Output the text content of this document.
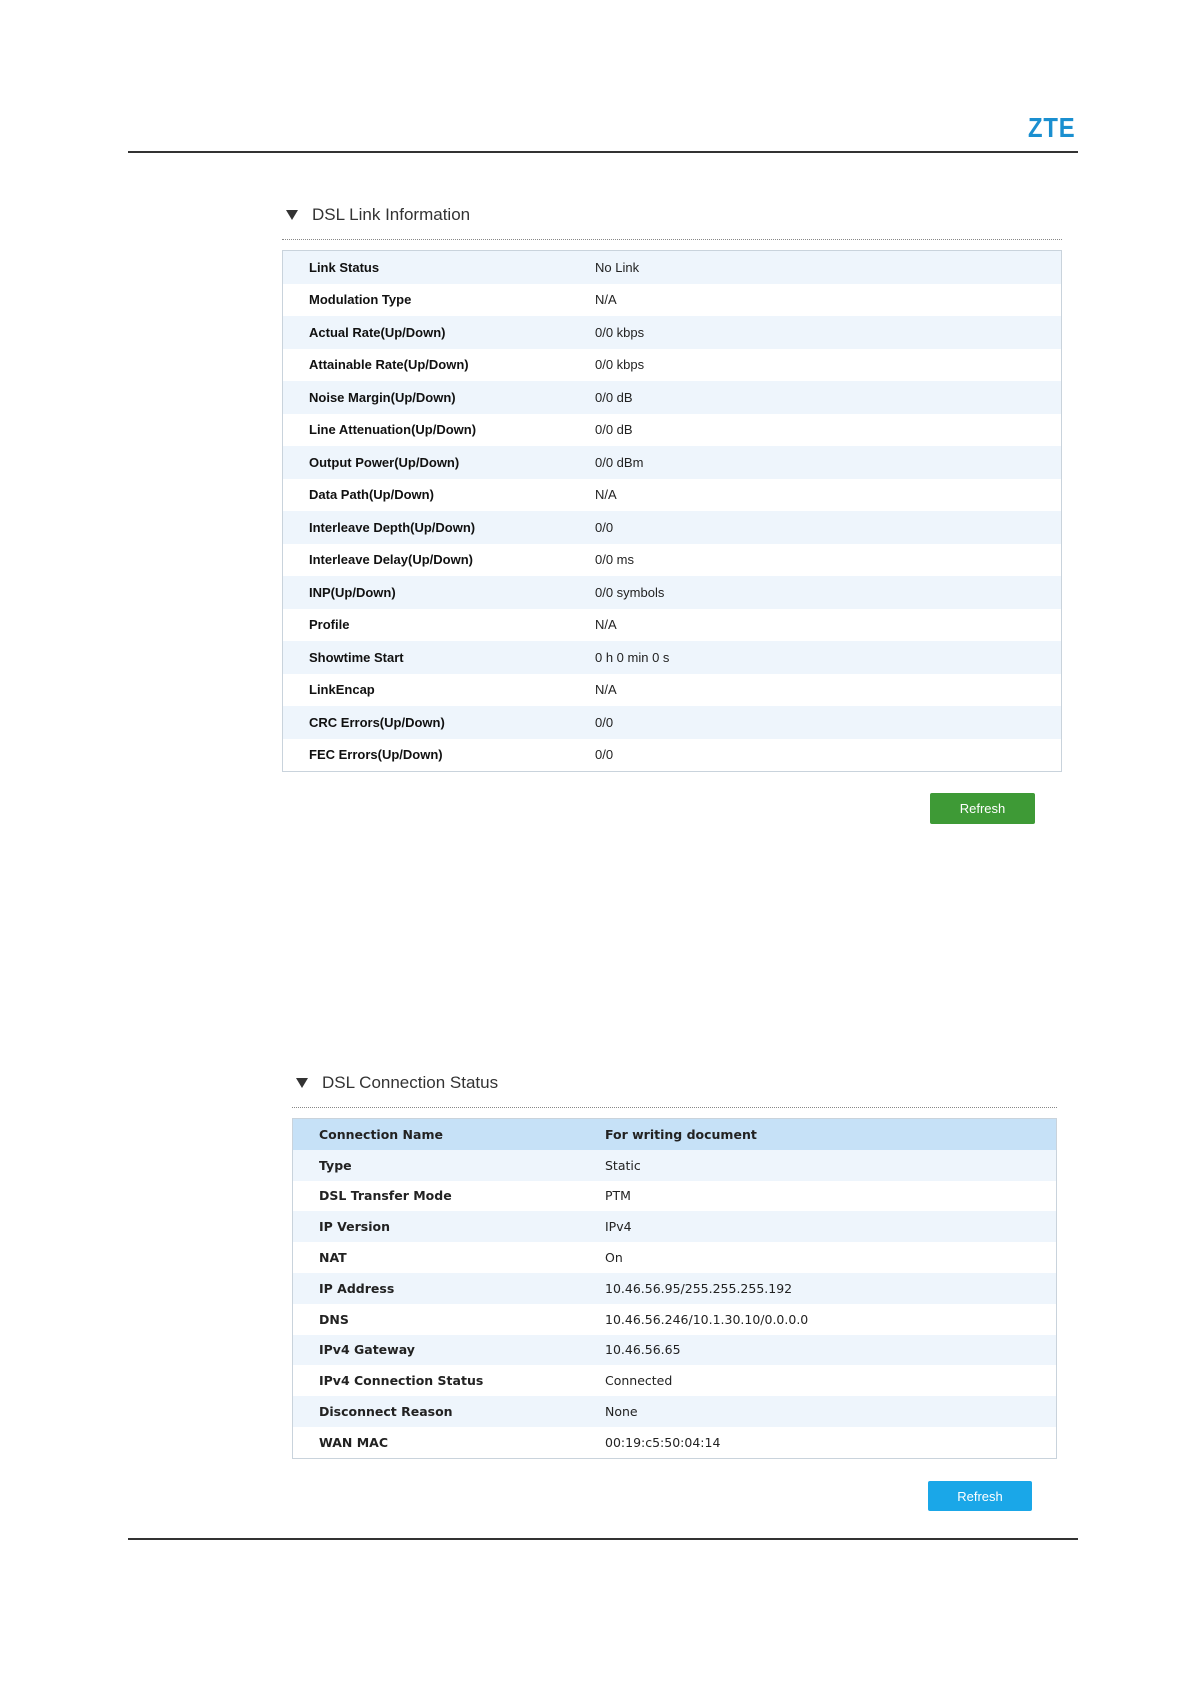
ZTE
DSL Link Information
Link Status	No Link
Modulation Type	N/A
Actual Rate(Up/Down)	0/0 kbps
Attainable Rate(Up/Down)	0/0 kbps
Noise Margin(Up/Down)	0/0 dB
Line Attenuation(Up/Down)	0/0 dB
Output Power(Up/Down)	0/0 dBm
Data Path(Up/Down)	N/A
Interleave Depth(Up/Down)	0/0
Interleave Delay(Up/Down)	0/0 ms
INP(Up/Down)	0/0 symbols
Profile	N/A
Showtime Start	0 h 0 min 0 s
LinkEncap	N/A
CRC Errors(Up/Down)	0/0
FEC Errors(Up/Down)	0/0
Refresh
DSL Connection Status
Connection Name	For writing document
Type	Static
DSL Transfer Mode	PTM
IP Version	IPv4
NAT	On
IP Address	10.46.56.95/255.255.255.192
DNS	10.46.56.246/10.1.30.10/0.0.0.0
IPv4 Gateway	10.46.56.65
IPv4 Connection Status	Connected
Disconnect Reason	None
WAN MAC	00:19:c5:50:04:14
Refresh
